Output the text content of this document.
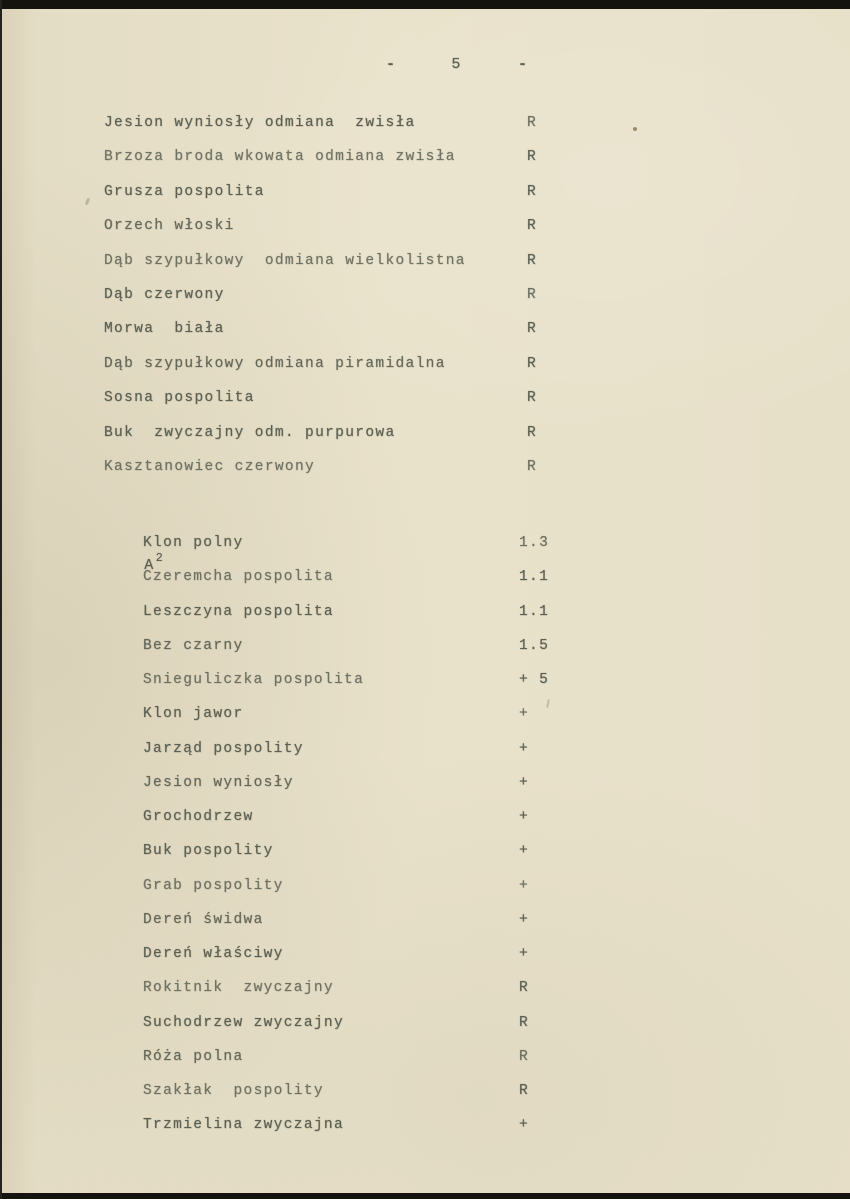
-	5	-
Jesion wyniosły odmiana  zwisła	R
Brzoza broda wkowata odmiana zwisła	R
Grusza pospolita	R
Orzech włoski	R
Dąb szypułkowy  odmiana wielkolistna	R
Dąb czerwony	R
Morwa  biała	R
Dąb szypułkowy odmiana piramidalna	R
Sosna pospolita	R
Buk  zwyczajny odm. purpurowa	R
Kasztanowiec czerwony	R

$A^2$

Klon polny	1.3
Czeremcha pospolita	1.1
Leszczyna pospolita	1.1
Bez czarny	1.5
Snieguliczka pospolita	+ 5
Klon jawor	+
Jarząd pospolity	+
Jesion wyniosły	+
Grochodrzew	+
Buk pospolity	+
Grab pospolity	+
Dereń świdwa	+
Dereń właściwy	+
Rokitnik  zwyczajny	R
Suchodrzew zwyczajny	R
Róża polna	R
Szakłak  pospolity	R
Trzmielina zwyczajna	+
